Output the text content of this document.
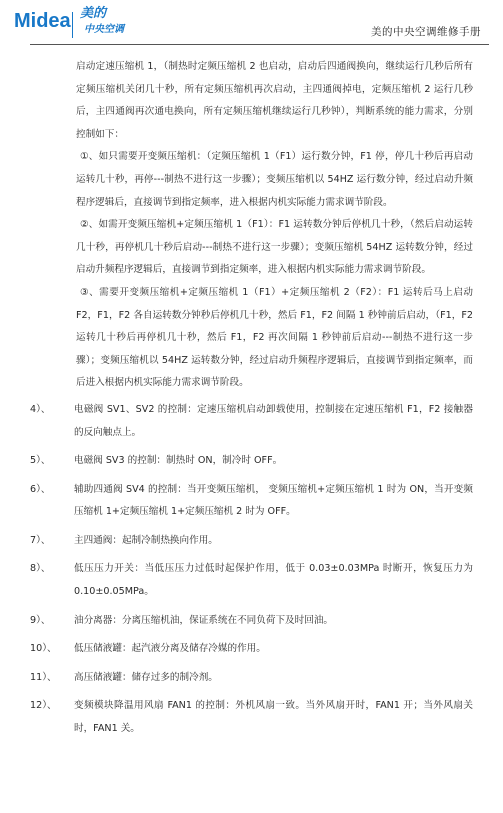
Midea 美的
中央空调	美的中央空调维修手册

启动定速压缩机 1，（制热时定频压缩机 2 也启动，启动后四通阀换向，继续运行几秒后所有定频压缩机关闭几十秒，所有定频压缩机再次启动，主四通阀掉电，定频压缩机 2 运行几秒后，主四通阀再次通电换向，所有定频压缩机继续运行几秒钟），判断系统的能力需求，分别控制如下：

①、如只需要开变频压缩机：（定频压缩机 1（F1）运行数分钟，F1 停，停几十秒后再启动运转几十秒，再停---制热不进行这一步骤）；变频压缩机以 54HZ 运行数分钟，经过启动升频程序逻辑后，直接调节到指定频率，进入根据内机实际能力需求调节阶段。

②、如需开变频压缩机+定频压缩机 1（F1）：F1 运转数分钟后停机几十秒，（然后启动运转几十秒，再停机几十秒后启动---制热不进行这一步骤）；变频压缩机 54HZ 运转数分钟，经过启动升频程序逻辑后，直接调节到指定频率，进入根据内机实际能力需求调节阶段。

③、需要开变频压缩机+定频压缩机 1（F1）+定频压缩机 2（F2）：F1 运转后马上启动 F2，F1，F2 各自运转数分钟秒后停机几十秒，然后 F1，F2 间隔 1 秒钟前后启动，（F1，F2 运转几十秒后再停机几十秒，然后 F1，F2 再次间隔 1 秒钟前后启动---制热不进行这一步骤）；变频压缩机以 54HZ 运转数分钟，经过启动升频程序逻辑后，直接调节到指定频率，而后进入根据内机实际能力需求调节阶段。

4）、	电磁阀 SV1、SV2 的控制：定速压缩机启动卸载使用，控制接在定速压缩机 F1，F2 接触器的反向触点上。
5）、	电磁阀 SV3 的控制：制热时 ON，制冷时 OFF。
6）、	辅助四通阀 SV4 的控制：当开变频压缩机， 变频压缩机+定频压缩机 1 时为 ON，当开变频压缩机 1+定频压缩机 1+定频压缩机 2 时为 OFF。
7）、	主四通阀：起制冷制热换向作用。
8）、	低压压力开关：当低压压力过低时起保护作用，低于 0.03±0.03MPa 时断开，恢复压力为 0.10±0.05MPa。
9）、	油分离器：分离压缩机油，保证系统在不同负荷下及时回油。
10）、	低压储液罐：起汽液分离及储存冷媒的作用。
11）、	高压储液罐：储存过多的制冷剂。
12）、	变频模块降温用风扇 FAN1 的控制：外机风扇一致。当外风扇开时，FAN1 开；当外风扇关时，FAN1 关。
